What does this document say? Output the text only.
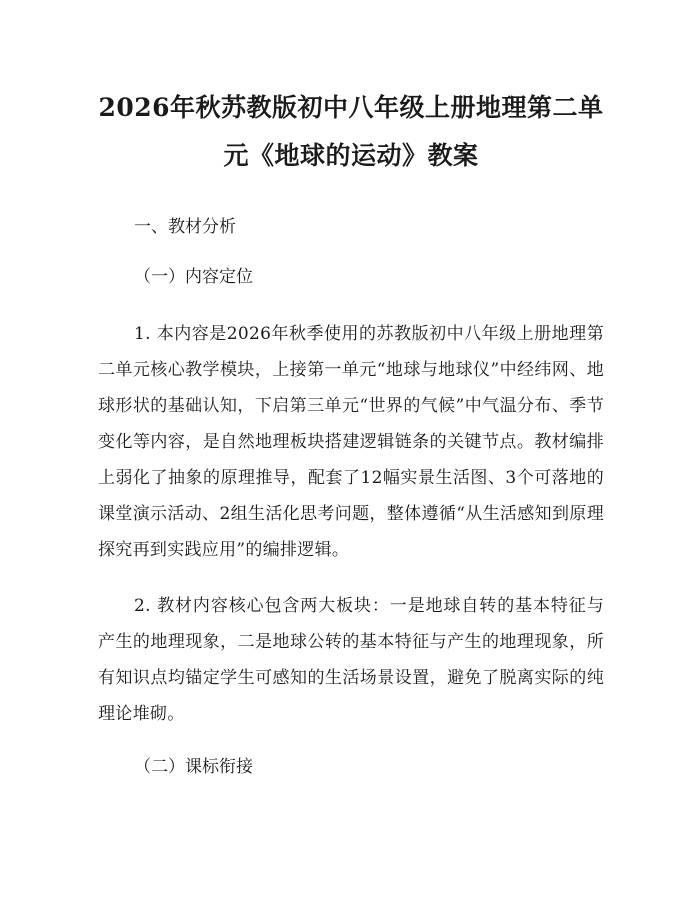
2026年秋苏教版初中八年级上册地理第二单
元《地球的运动》教案

一、教材分析

（一）内容定位

1. 本内容是2026年秋季使用的苏教版初中八年级上册地理第二单元核心教学模块，上接第一单元“地球与地球仪”中经纬网、地球形状的基础认知，下启第三单元“世界的气候”中气温分布、季节变化等内容，是自然地理板块搭建逻辑链条的关键节点。教材编排上弱化了抽象的原理推导，配套了12幅实景生活图、3个可落地的课堂演示活动、2组生活化思考问题，整体遵循“从生活感知到原理探究再到实践应用”的编排逻辑。

2. 教材内容核心包含两大板块：一是地球自转的基本特征与产生的地理现象，二是地球公转的基本特征与产生的地理现象，所有知识点均锚定学生可感知的生活场景设置，避免了脱离实际的纯理论堆砌。

（二）课标衔接
